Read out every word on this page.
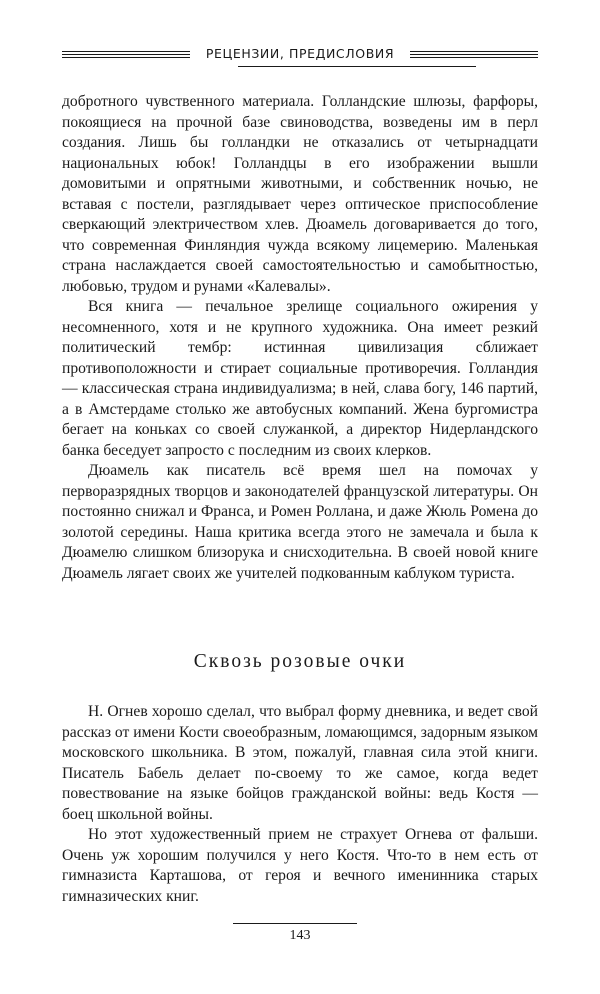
РЕЦЕНЗИИ, ПРЕДИСЛОВИЯ

добротного чувственного материала. Голландские шлюзы, фарфоры, покоящиеся на прочной базе свиноводства, возведены им в перл создания. Лишь бы голландки не отказались от четырнадцати национальных юбок! Голландцы в его изображении вышли домовитыми и опрятными животными, и собственник ночью, не вставая с постели, разглядывает через оптическое приспособление сверкающий электричеством хлев. Дюамель договаривается до того, что современная Финляндия чужда всякому лицемерию. Маленькая страна наслаждается своей самостоятельностью и самобытностью, любовью, трудом и рунами «Калевалы».

Вся книга — печальное зрелище социального ожирения у несомненного, хотя и не крупного художника. Она имеет резкий политический тембр: истинная цивилизация сближает противоположности и стирает социальные противоречия. Голландия — классическая страна индивидуализма; в ней, слава богу, 146 партий, а в Амстердаме столько же автобусных компаний. Жена бургомистра бегает на коньках со своей служанкой, а директор Нидерландского банка беседует запросто с последним из своих клерков.

Дюамель как писатель всё время шел на помочах у перворазрядных творцов и законодателей французской литературы. Он постоянно снижал и Франса, и Ромен Роллана, и даже Жюль Ромена до золотой середины. Наша критика всегда этого не замечала и была к Дюамелю слишком близорука и снисходительна. В своей новой книге Дюамель лягает своих же учителей подкованным каблуком туриста.

Сквозь розовые очки

Н. Огнев хорошо сделал, что выбрал форму дневника, и ведет свой рассказ от имени Кости своеобразным, ломающимся, задорным языком московского школьника. В этом, пожалуй, главная сила этой книги. Писатель Бабель делает по-своему то же самое, когда ведет повествование на языке бойцов гражданской войны: ведь Костя — боец школьной войны.

Но этот художественный прием не страхует Огнева от фальши. Очень уж хорошим получился у него Костя. Что-то в нем есть от гимназиста Карташова, от героя и вечного именинника старых гимназических книг.

143
